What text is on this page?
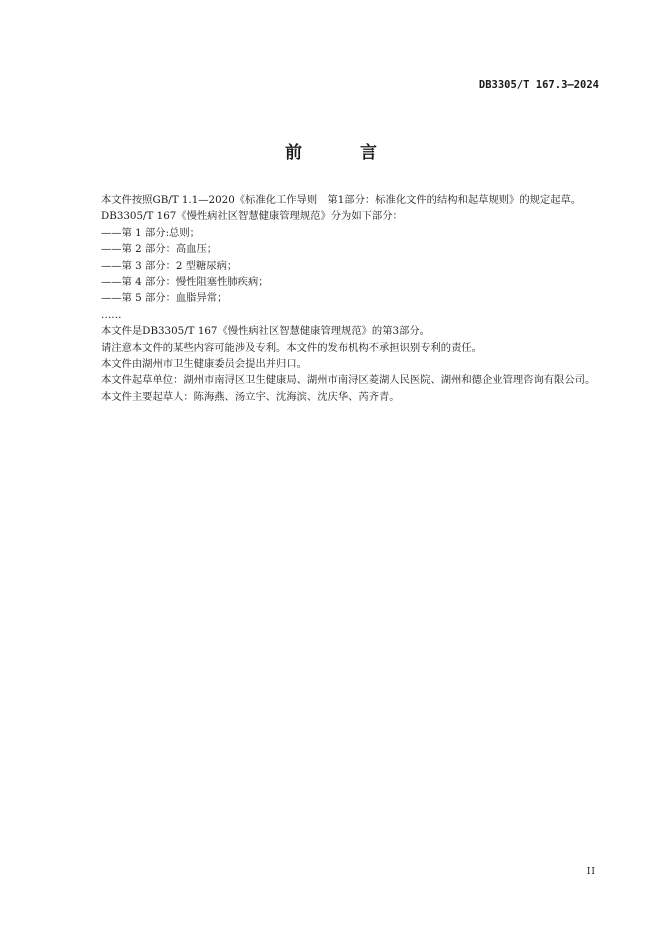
DB3305/T 167.3—2024
前 言

本文件按照GB/T 1.1—2020《标准化工作导则　第1部分：标准化文件的结构和起草规则》的规定起草。

DB3305/T 167《慢性病社区智慧健康管理规范》分为如下部分：

——第 1 部分:总则；

——第 2 部分：高血压；

——第 3 部分：2 型糖尿病；

——第 4 部分：慢性阻塞性肺疾病；

——第 5 部分：血脂异常；

……

本文件是DB3305/T 167《慢性病社区智慧健康管理规范》的第3部分。

请注意本文件的某些内容可能涉及专利。本文件的发布机构不承担识别专利的责任。

本文件由湖州市卫生健康委员会提出并归口。

本文件起草单位：湖州市南浔区卫生健康局、湖州市南浔区菱湖人民医院、湖州和德企业管理咨询有限公司。

本文件主要起草人：陈海燕、汤立宇、沈海滨、沈庆华、芮齐青。

II
